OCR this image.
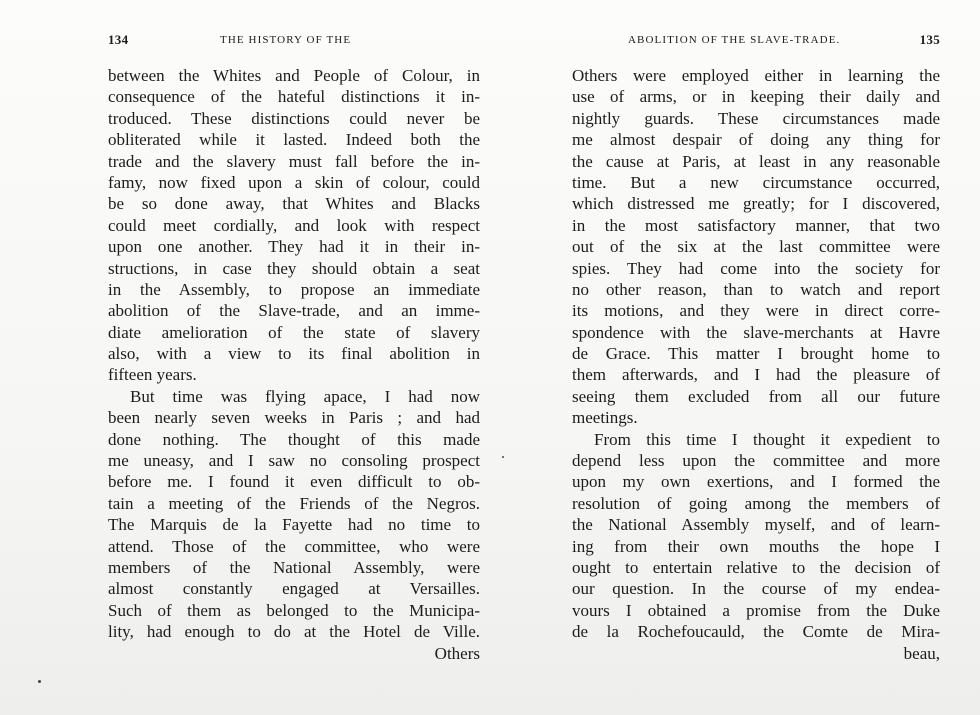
134	THE HISTORY OF THE
between the Whites and People of Colour, in
consequence of the hateful distinctions it in-
troduced. These distinctions could never be
obliterated while it lasted. Indeed both the
trade and the slavery must fall before the in-
famy, now fixed upon a skin of colour, could
be so done away, that Whites and Blacks
could meet cordially, and look with respect
upon one another. They had it in their in-
structions, in case they should obtain a seat
in the Assembly, to propose an immediate
abolition of the Slave-trade, and an imme-
diate amelioration of the state of slavery
also, with a view to its final abolition in
fifteen years.
But time was flying apace, I had now
been nearly seven weeks in Paris ; and had
done nothing. The thought of this made
me uneasy, and I saw no consoling prospect
before me. I found it even difficult to ob-
tain a meeting of the Friends of the Negros.
The Marquis de la Fayette had no time to
attend. Those of the committee, who were
members of the National Assembly, were
almost constantly engaged at Versailles.
Such of them as belonged to the Municipa-
lity, had enough to do at the Hotel de Ville.
Others
ABOLITION OF THE SLAVE-TRADE.	135
Others were employed either in learning the
use of arms, or in keeping their daily and
nightly guards. These circumstances made
me almost despair of doing any thing for
the cause at Paris, at least in any reasonable
time. But a new circumstance occurred,
which distressed me greatly; for I discovered,
in the most satisfactory manner, that two
out of the six at the last committee were
spies. They had come into the society for
no other reason, than to watch and report
its motions, and they were in direct corre-
spondence with the slave-merchants at Havre
de Grace. This matter I brought home to
them afterwards, and I had the pleasure of
seeing them excluded from all our future
meetings.
From this time I thought it expedient to
depend less upon the committee and more
upon my own exertions, and I formed the
resolution of going among the members of
the National Assembly myself, and of learn-
ing from their own mouths the hope I
ought to entertain relative to the decision of
our question. In the course of my endea-
vours I obtained a promise from the Duke
de la Rochefoucauld, the Comte de Mira-
beau,
